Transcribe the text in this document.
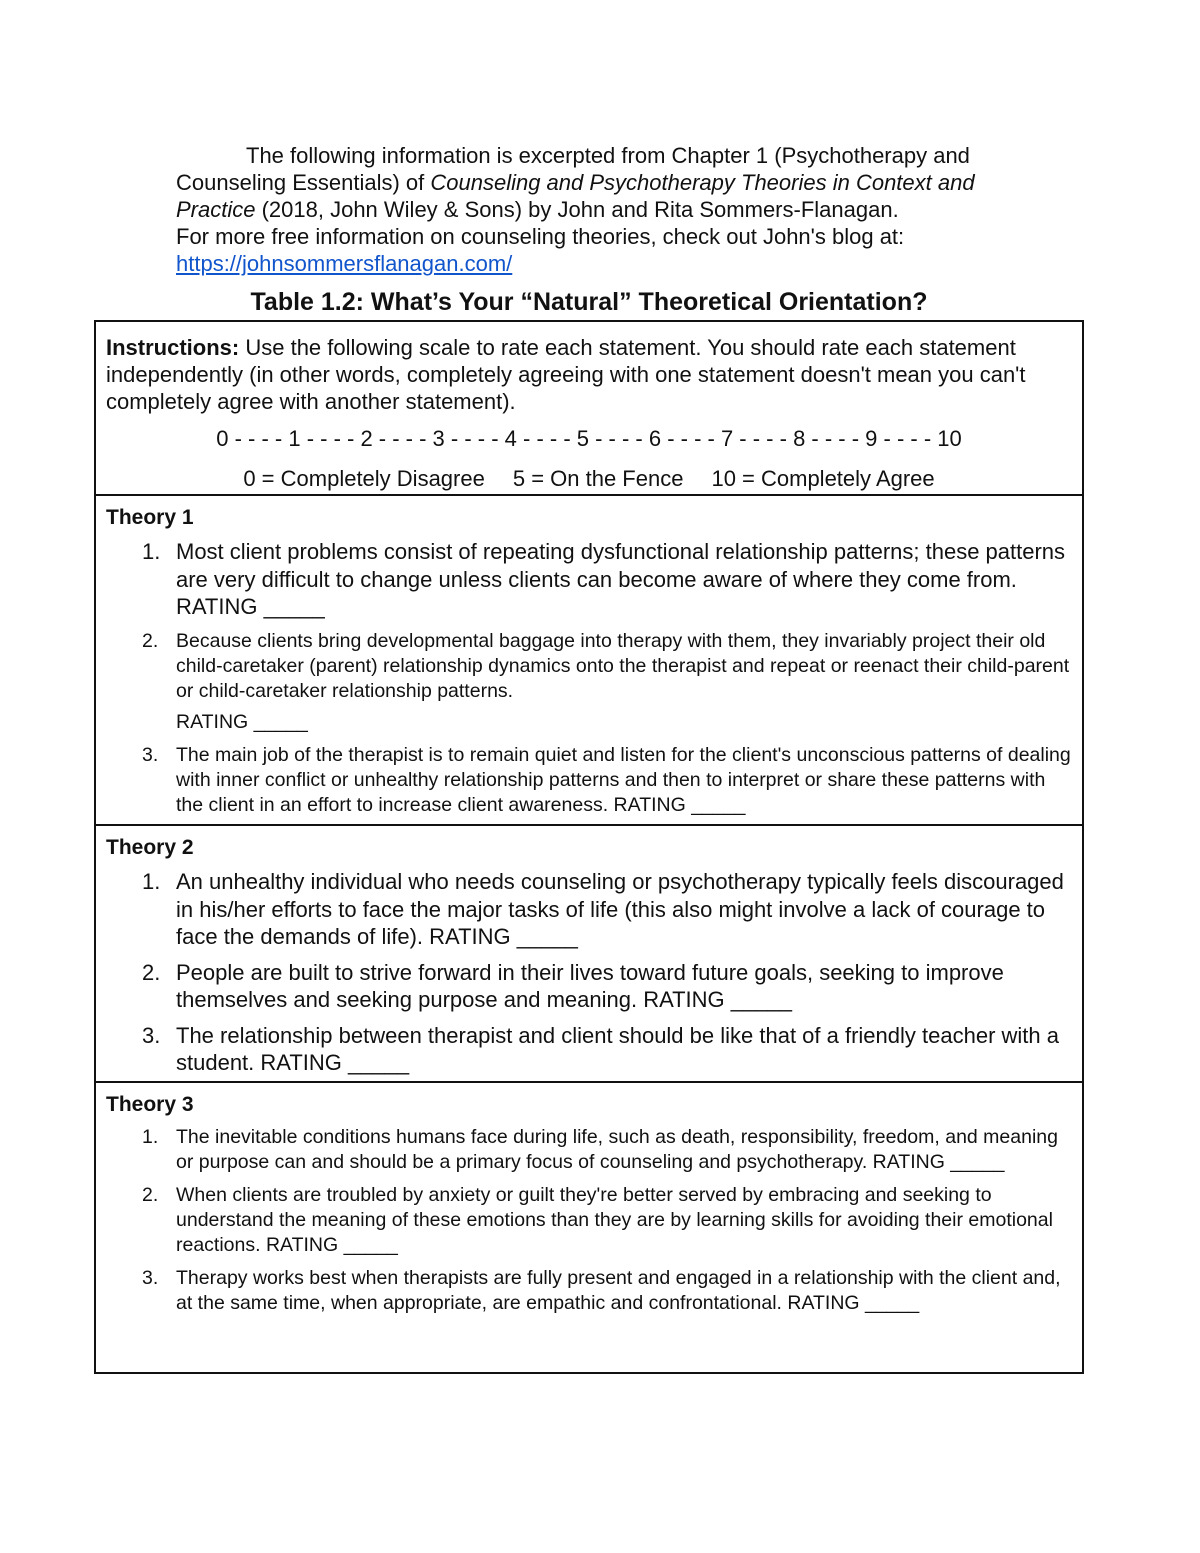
The following information is excerpted from Chapter 1 (Psychotherapy and Counseling Essentials) of Counseling and Psychotherapy Theories in Context and Practice (2018, John Wiley & Sons) by John and Rita Sommers-Flanagan.
For more free information on counseling theories, check out John's blog at:
https://johnsommersflanagan.com/
Table 1.2: What’s Your “Natural” Theoretical Orientation?
Instructions: Use the following scale to rate each statement. You should rate each statement independently (in other words, completely agreeing with one statement doesn't mean you can't completely agree with another statement).
0 - - - - 1 - - - - 2 - - - - 3 - - - - 4 - - - - 5 - - - - 6 - - - - 7 - - - - 8 - - - - 9 - - - - 10
0 = Completely Disagree 5 = On the Fence 10 = Completely Agree
Theory 1
1. Most client problems consist of repeating dysfunctional relationship patterns; these patterns are very difficult to change unless clients can become aware of where they come from. RATING _____
2. Because clients bring developmental baggage into therapy with them, they invariably project their old child-caretaker (parent) relationship dynamics onto the therapist and repeat or reenact their child-parent or child-caretaker relationship patterns.
RATING _____
3. The main job of the therapist is to remain quiet and listen for the client's unconscious patterns of dealing with inner conflict or unhealthy relationship patterns and then to interpret or share these patterns with the client in an effort to increase client awareness. RATING _____
Theory 2
1. An unhealthy individual who needs counseling or psychotherapy typically feels discouraged in his/her efforts to face the major tasks of life (this also might involve a lack of courage to face the demands of life). RATING _____
2. People are built to strive forward in their lives toward future goals, seeking to improve themselves and seeking purpose and meaning. RATING _____
3. The relationship between therapist and client should be like that of a friendly teacher with a student. RATING _____
Theory 3
1. The inevitable conditions humans face during life, such as death, responsibility, freedom, and meaning or purpose can and should be a primary focus of counseling and psychotherapy. RATING _____
2. When clients are troubled by anxiety or guilt they're better served by embracing and seeking to understand the meaning of these emotions than they are by learning skills for avoiding their emotional reactions. RATING _____
3. Therapy works best when therapists are fully present and engaged in a relationship with the client and, at the same time, when appropriate, are empathic and confrontational. RATING _____
